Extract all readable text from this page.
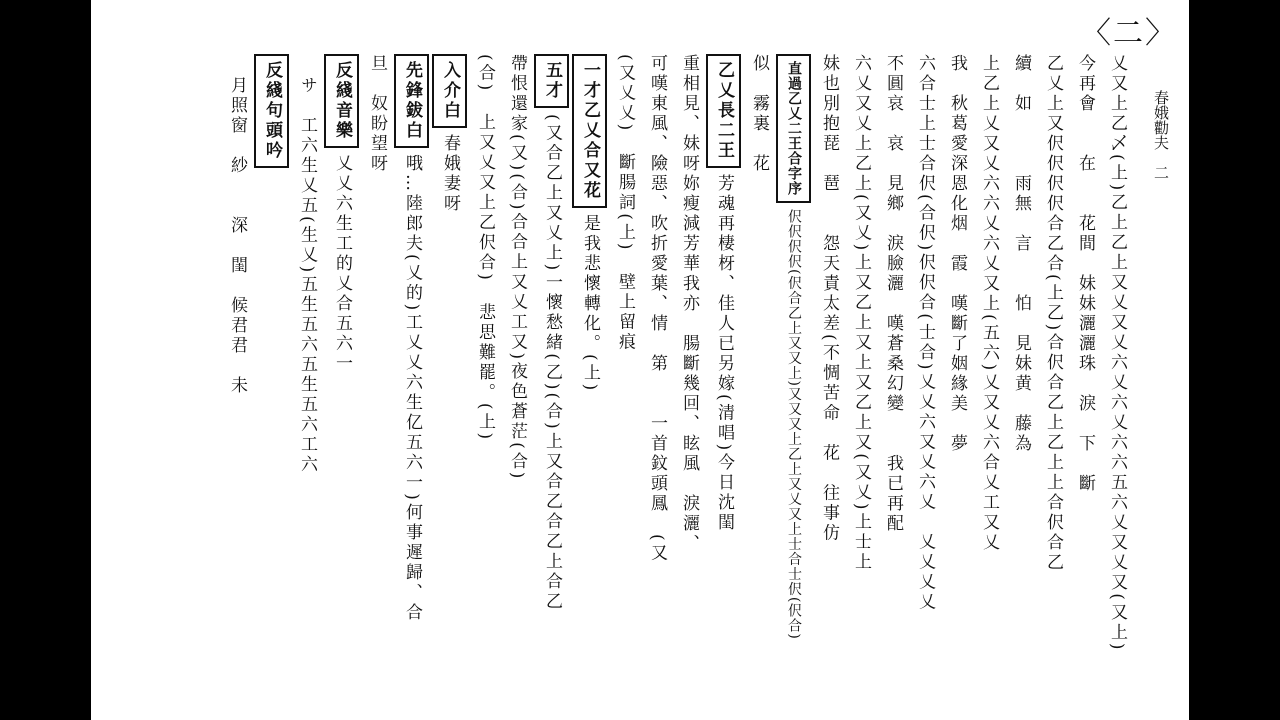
〈二〉
春娥勸夫　二
乂又上乙乄(上)乙上乙上又乂又乂六乂六乂六六五六乂又乂又(又上)
今再會　　在　　花間　妹妹灑灑珠　淚　下　斷
乙乂上又伬伬伬伬合乙合(上乙)合伬合乙上乙上上合伬合乙
續　如　　　雨無　言　　怕　見妹黄　藤為
上乙上乂又乂六六乂六乂又上(五六)乂又乂六合乂工又乂
我　秋葛愛深恩化烟　霞　嘆斷了姻緣美　夢
六合士上士合伬(合伬)伬伬合(士合)乂乂六又乂六乂　乂乂乂乂
不圓哀　哀　見鄉　淚臉灑　嘆蒼桑幻變　　我已再配
六乂又乂上乙上(又乂)上又乙上又上又乙上又(又乂)上士上
妹也別抱琵　琶　　怨天責太差(不惆苦命　花　往事仿
直過乙乂二王合字序伬伬伬伬(伬合乙上又又上)又又又上乙上又乂又上士合士伬(伬合)
似　霧裏　花　
乙乂長二王芳魂再棲枒、佳人已另嫁(清唱)今日沈閨
重相見、妹呀妳瘦減芳華我亦　腸斷幾回、眩風　淚灑、
可嘆東風、險惡、吹折愛葉、情　第　　一首鈫頭鳳　(又
(又乂乂)　斷腸詞(上)　壁上留痕
一才乙乂合又花是我悲懷轉化。(上)
五才(又合乙上又乂上)一懷愁緒(乙)(合)上又合乙合乙上合乙
帶恨還家(又)(合)合合上又乂工又)夜色蒼茫(合)
(合)　上又乂又上乙伬合)　悲思難罷。(上)
入介白春娥妻呀
先鋒鈸白哦…陸郎夫(乂的)工乂乂六生亿五六一)何事遲歸、合
旦　奴盼望呀
反綫音樂乂乂六生工的乂合五六一
サ　工六生乂五(生乂)五生五六五生五六工六
反綫句頭吟
月照窗　紗　　深　閨　候君君　未
